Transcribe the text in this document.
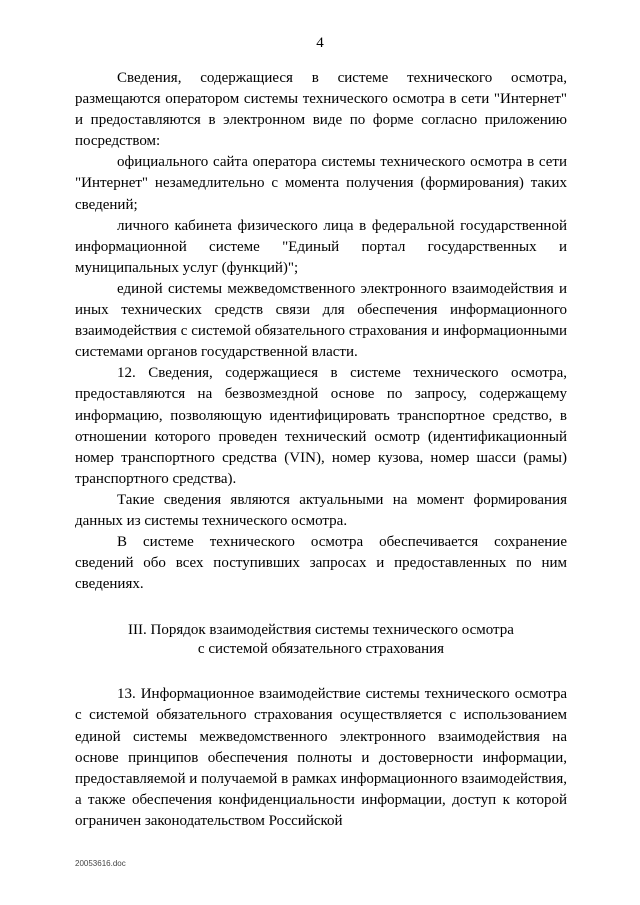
4

Сведения, содержащиеся в системе технического осмотра, размещаются оператором системы технического осмотра в сети "Интернет" и предоставляются в электронном виде по форме согласно приложению посредством:

официального сайта оператора системы технического осмотра в сети "Интернет" незамедлительно с момента получения (формирования) таких сведений;

личного кабинета физического лица в федеральной государственной информационной системе "Единый портал государственных и муниципальных услуг (функций)";

единой системы межведомственного электронного взаимодействия и иных технических средств связи для обеспечения информационного взаимодействия с системой обязательного страхования и информационными системами органов государственной власти.

12. Сведения, содержащиеся в системе технического осмотра, предоставляются на безвозмездной основе по запросу, содержащему информацию, позволяющую идентифицировать транспортное средство, в отношении которого проведен технический осмотр (идентификационный номер транспортного средства (VIN), номер кузова, номер шасси (рамы) транспортного средства).

Такие сведения являются актуальными на момент формирования данных из системы технического осмотра.

В системе технического осмотра обеспечивается сохранение сведений обо всех поступивших запросах и предоставленных по ним сведениях.

III. Порядок взаимодействия системы технического осмотра
с системой обязательного страхования

13. Информационное взаимодействие системы технического осмотра с системой обязательного страхования осуществляется с использованием единой системы межведомственного электронного взаимодействия на основе принципов обеспечения полноты и достоверности информации, предоставляемой и получаемой в рамках информационного взаимодействия, а также обеспечения конфиденциальности информации, доступ к которой ограничен законодательством Российской

20053616.doc
